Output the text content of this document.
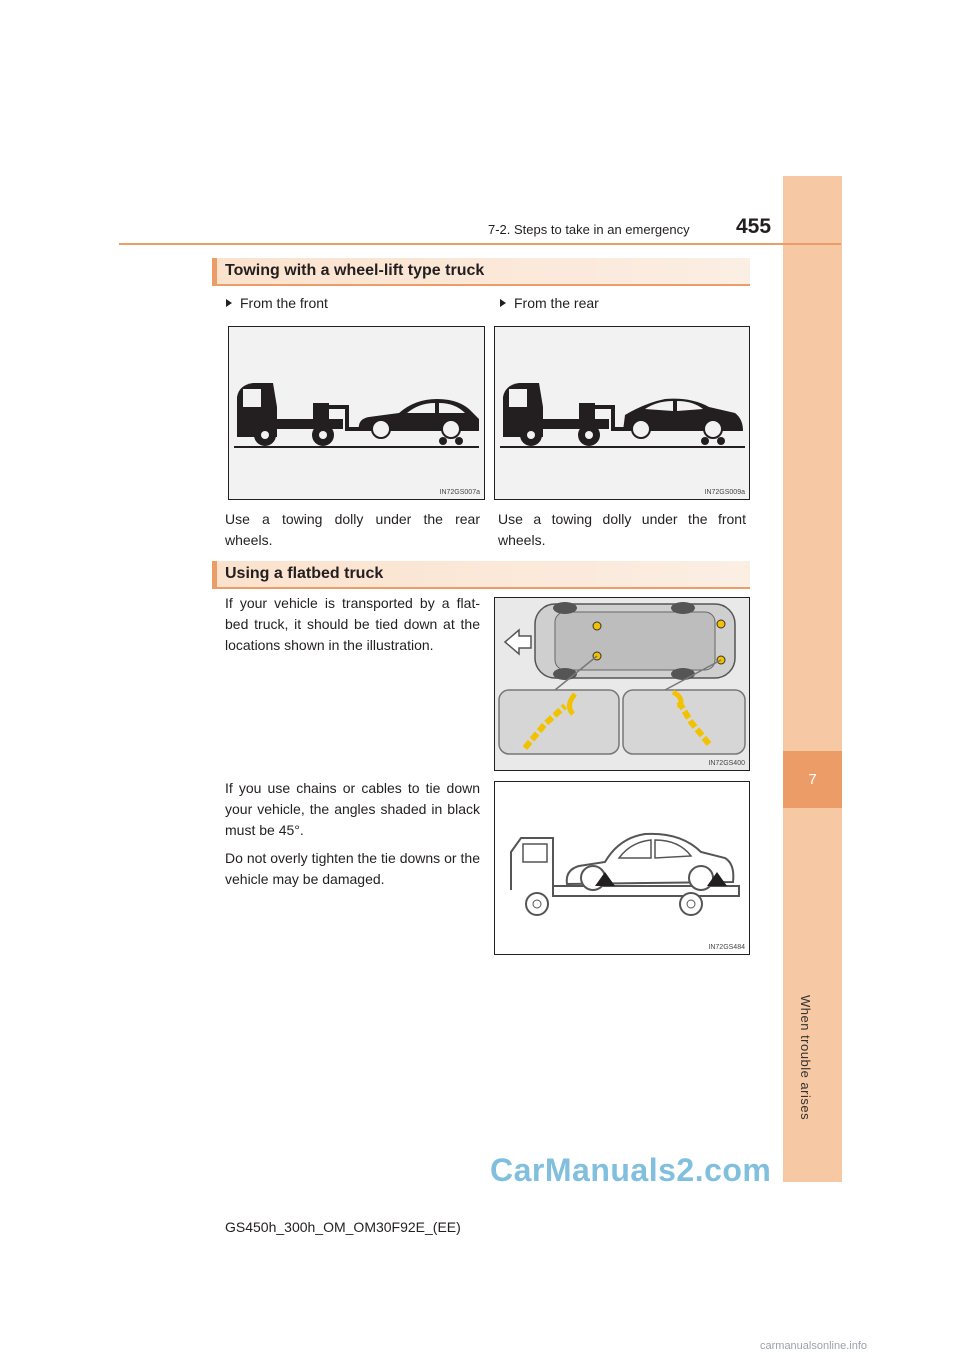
7
When trouble arises
7-2. Steps to take in an emergency 455
Towing with a wheel-lift type truck
From the front	From the rear
IN72GS007a	IN72GS009a
Use a towing dolly under the rear wheels.
Use a towing dolly under the front wheels.
Using a flatbed truck
If your vehicle is transported by a flat-bed truck, it should be tied down at the locations shown in the illustration.
IN72GS400
If you use chains or cables to tie down your vehicle, the angles shaded in black must be 45°.
Do not overly tighten the tie downs or the vehicle may be damaged.
IN72GS484
CarManuals2.com
GS450h_300h_OM_OM30F92E_(EE)
carmanualsonline.info
